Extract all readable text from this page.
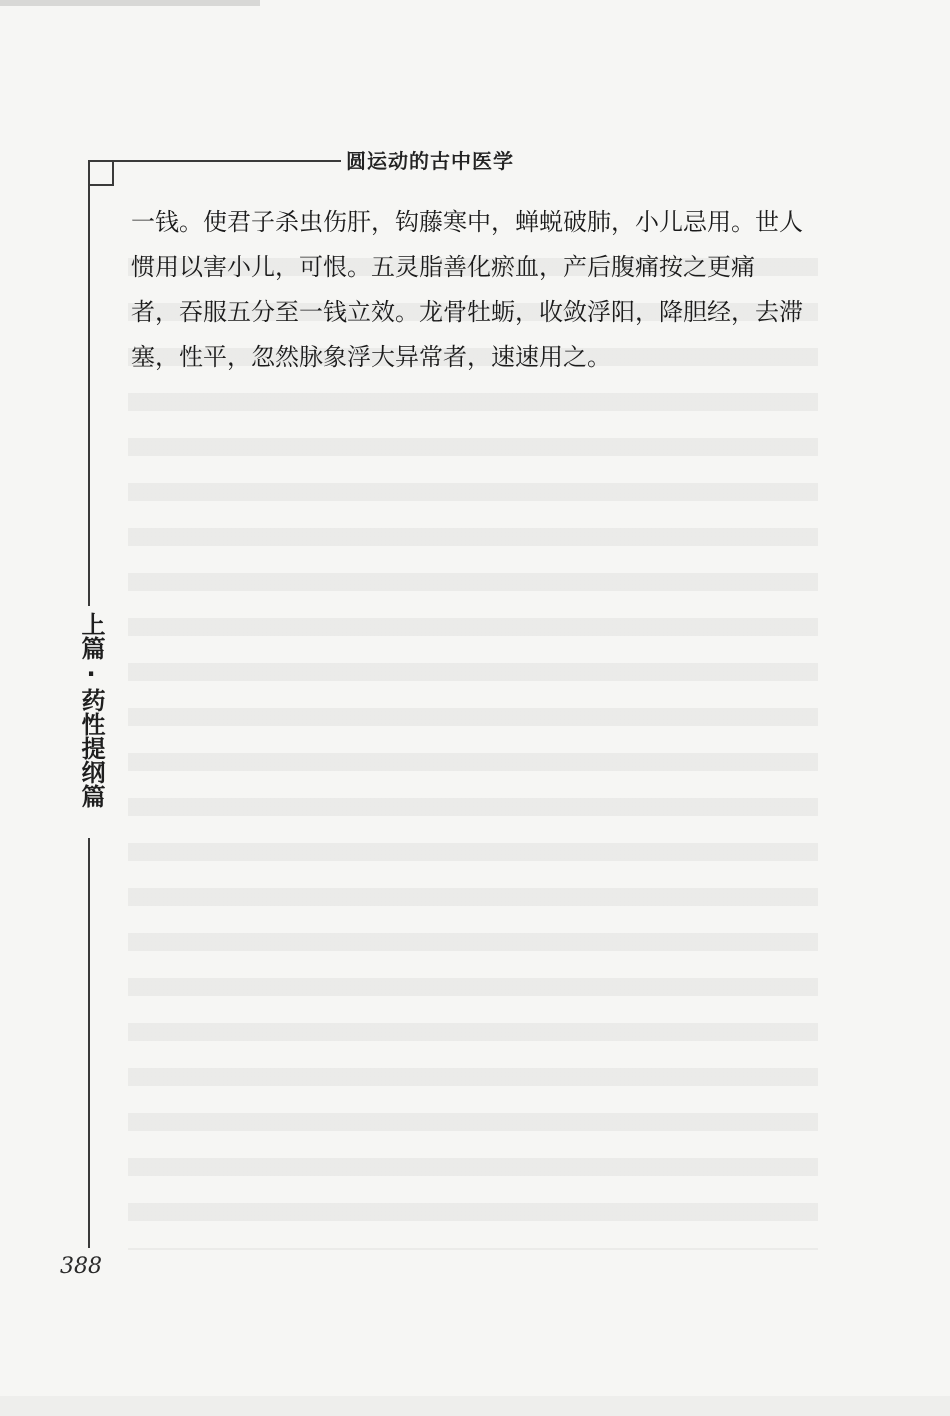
圆运动的古中医学
上篇·药性提纲篇
388
一钱。使君子杀虫伤肝，钩藤寒中，蝉蜕破肺，小儿忌用。世人
惯用以害小儿，可恨。五灵脂善化瘀血，产后腹痛按之更痛
者，吞服五分至一钱立效。龙骨牡蛎，收敛浮阳，降胆经，去滞
塞，性平，忽然脉象浮大异常者，速速用之。
